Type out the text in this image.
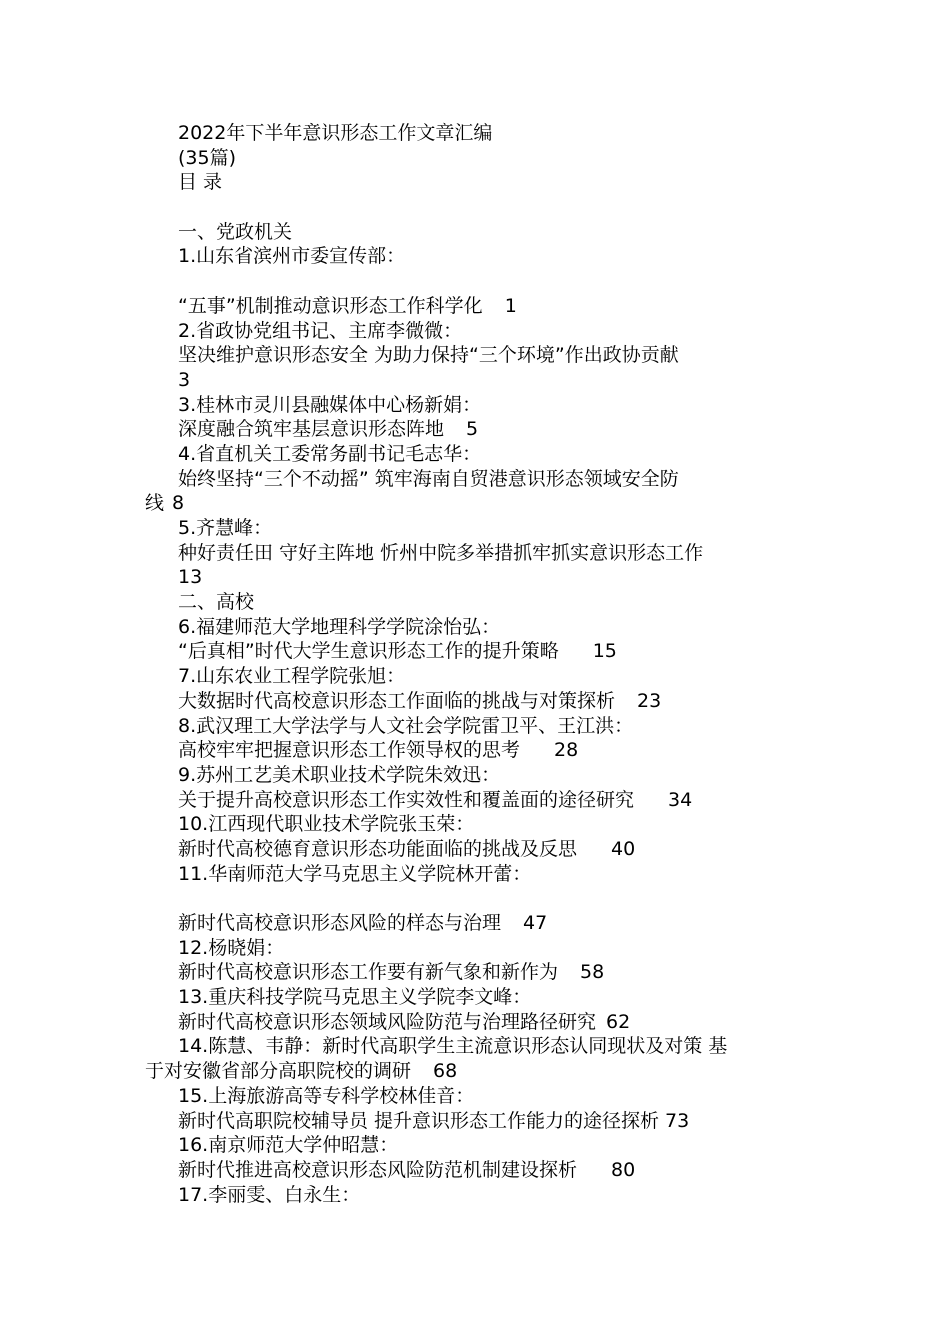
2022年下半年意识形态工作文章汇编
(35篇)
目 录
一、党政机关
1.山东省滨州市委宣传部：
“五事”机制推动意识形态工作科学化 1
2.省政协党组书记、主席李微微：
坚决维护意识形态安全 为助力保持“三个环境”作出政协贡献
3
3.桂林市灵川县融媒体中心杨新娟：
深度融合筑牢基层意识形态阵地 5
4.省直机关工委常务副书记毛志华：
始终坚持“三个不动摇” 筑牢海南自贸港意识形态领域安全防
线 8
5.齐慧峰：
种好责任田 守好主阵地 忻州中院多举措抓牢抓实意识形态工作
13
二、高校
6.福建师范大学地理科学学院涂怡弘：
“后真相”时代大学生意识形态工作的提升策略 15
7.山东农业工程学院张旭：
大数据时代高校意识形态工作面临的挑战与对策探析 23
8.武汉理工大学法学与人文社会学院雷卫平、王江洪：
高校牢牢把握意识形态工作领导权的思考 28
9.苏州工艺美术职业技术学院朱效迅：
关于提升高校意识形态工作实效性和覆盖面的途径研究 34
10.江西现代职业技术学院张玉荣：
新时代高校德育意识形态功能面临的挑战及反思 40
11.华南师范大学马克思主义学院林开蕾：
新时代高校意识形态风险的样态与治理 47
12.杨晓娟：
新时代高校意识形态工作要有新气象和新作为 58
13.重庆科技学院马克思主义学院李文峰：
新时代高校意识形态领域风险防范与治理路径研究 62
14.陈慧、韦静：新时代高职学生主流意识形态认同现状及对策 基
于对安徽省部分高职院校的调研 68
15.上海旅游高等专科学校林佳音：
新时代高职院校辅导员 提升意识形态工作能力的途径探析 73
16.南京师范大学仲昭慧：
新时代推进高校意识形态风险防范机制建设探析 80
17.李丽雯、白永生：
